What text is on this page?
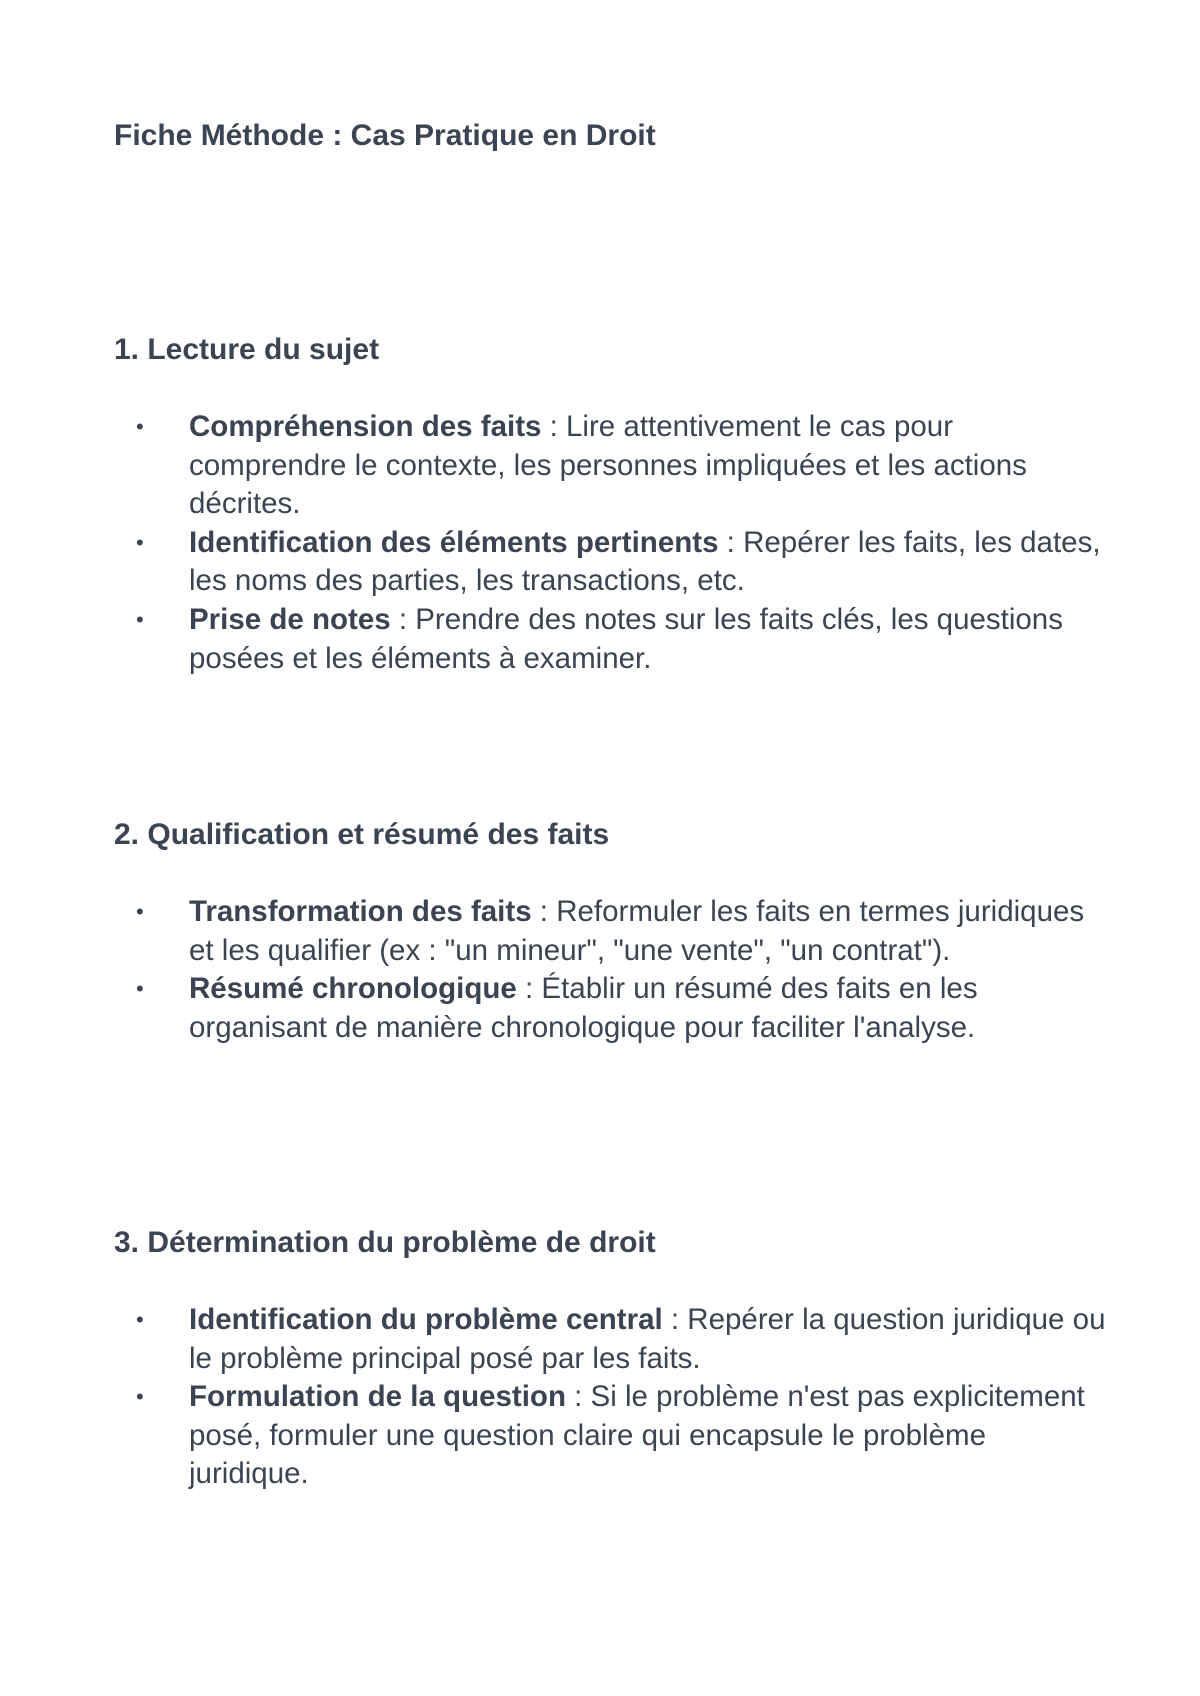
Fiche Méthode : Cas Pratique en Droit
1. Lecture du sujet
• Compréhension des faits : Lire attentivement le cas pour comprendre le contexte, les personnes impliquées et les actions décrites.
• Identification des éléments pertinents : Repérer les faits, les dates, les noms des parties, les transactions, etc.
• Prise de notes : Prendre des notes sur les faits clés, les questions posées et les éléments à examiner.
2. Qualification et résumé des faits
• Transformation des faits : Reformuler les faits en termes juridiques et les qualifier (ex : "un mineur", "une vente", "un contrat").
• Résumé chronologique : Établir un résumé des faits en les organisant de manière chronologique pour faciliter l'analyse.
3. Détermination du problème de droit
• Identification du problème central : Repérer la question juridique ou le problème principal posé par les faits.
• Formulation de la question : Si le problème n'est pas explicitement posé, formuler une question claire qui encapsule le problème juridique.
